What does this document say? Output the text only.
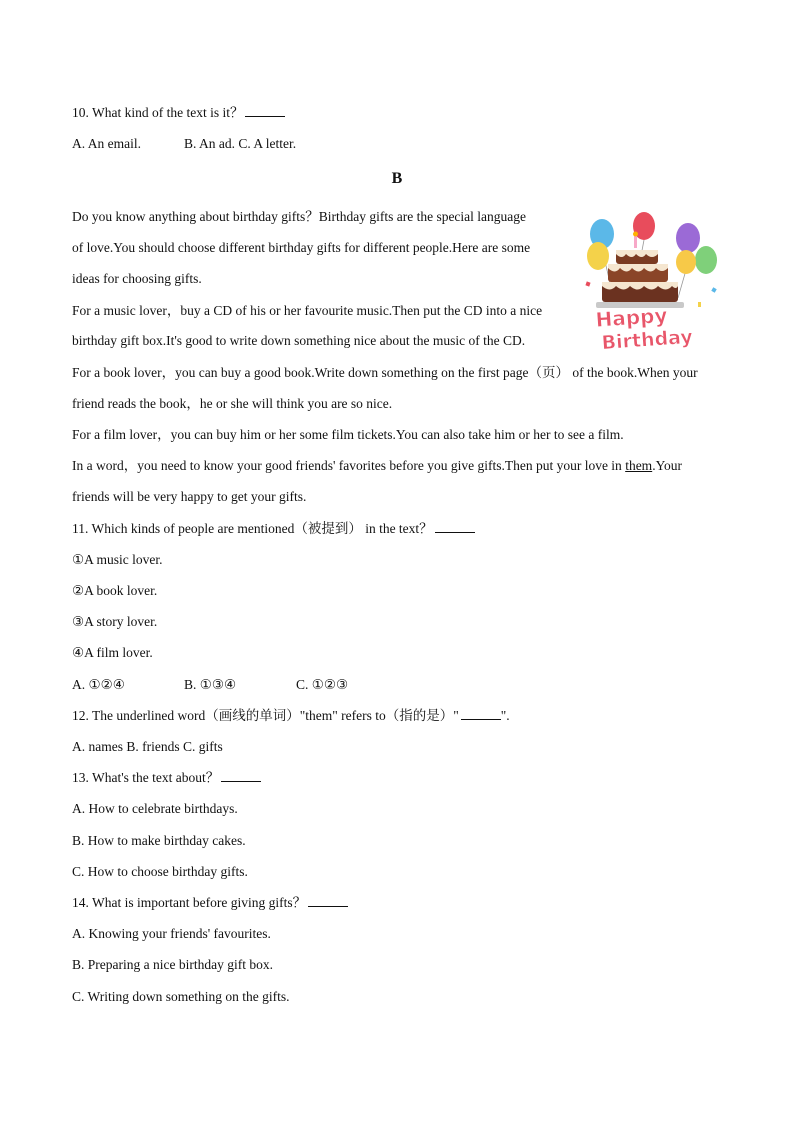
10. What kind of the text is it？
A. An email.	B. An ad. C. A letter.
B
Do you know anything about birthday gifts？Birthday gifts are the special language
of love.You should choose different birthday gifts for different people.Here are some
ideas for choosing gifts.
For a music lover，buy a CD of his or her favourite music.Then put the CD into a nice
birthday gift box.It's good to write down something nice about the music of the CD.
For a book lover，you can buy a good book.Write down something on the first page（页） of the book.When your
friend reads the book，he or she will think you are so nice.
For a film lover，you can buy him or her some film tickets.You can also take him or her to see a film.
In a word，you need to know your good friends' favorites before you give gifts.Then put your love in them.Your
friends will be very happy to get your gifts.
Happy
Birthday
11. Which kinds of people are mentioned（被提到） in the text？
①A music lover.
②A book lover.
③A story lover.
④A film lover.
A. ①②④	B. ①③④	C. ①②③
12. The underlined word（画线的单词）"them" refers to（指的是）"	".
A. names B. friends C. gifts
13. What's the text about？
A. How to celebrate birthdays.
B. How to make birthday cakes.
C. How to choose birthday gifts.
14. What is important before giving gifts？
A. Knowing your friends' favourites.
B. Preparing a nice birthday gift box.
C. Writing down something on the gifts.
